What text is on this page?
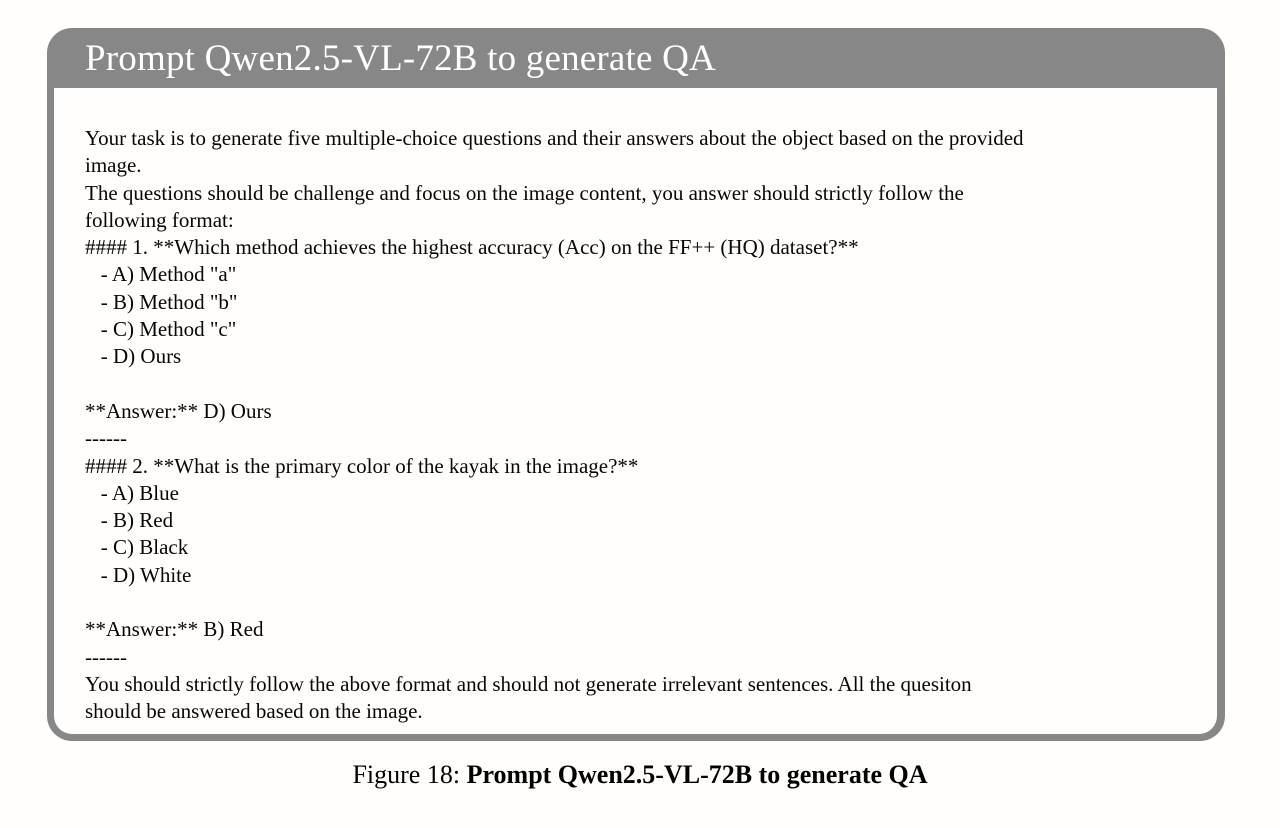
Prompt Qwen2.5-VL-72B to generate QA
Your task is to generate five multiple-choice questions and their answers about the object based on the provided
image.
The questions should be challenge and focus on the image content, you answer should strictly follow the
following format:
#### 1. **Which method achieves the highest accuracy (Acc) on the FF++ (HQ) dataset?**
- A) Method "a"
- B) Method "b"
- C) Method "c"
- D) Ours

**Answer:** D) Ours
------
#### 2. **What is the primary color of the kayak in the image?**
- A) Blue
- B) Red
- C) Black
- D) White

**Answer:** B) Red
------
You should strictly follow the above format and should not generate irrelevant sentences. All the quesiton
should be answered based on the image.
Figure 18: Prompt Qwen2.5-VL-72B to generate QA
